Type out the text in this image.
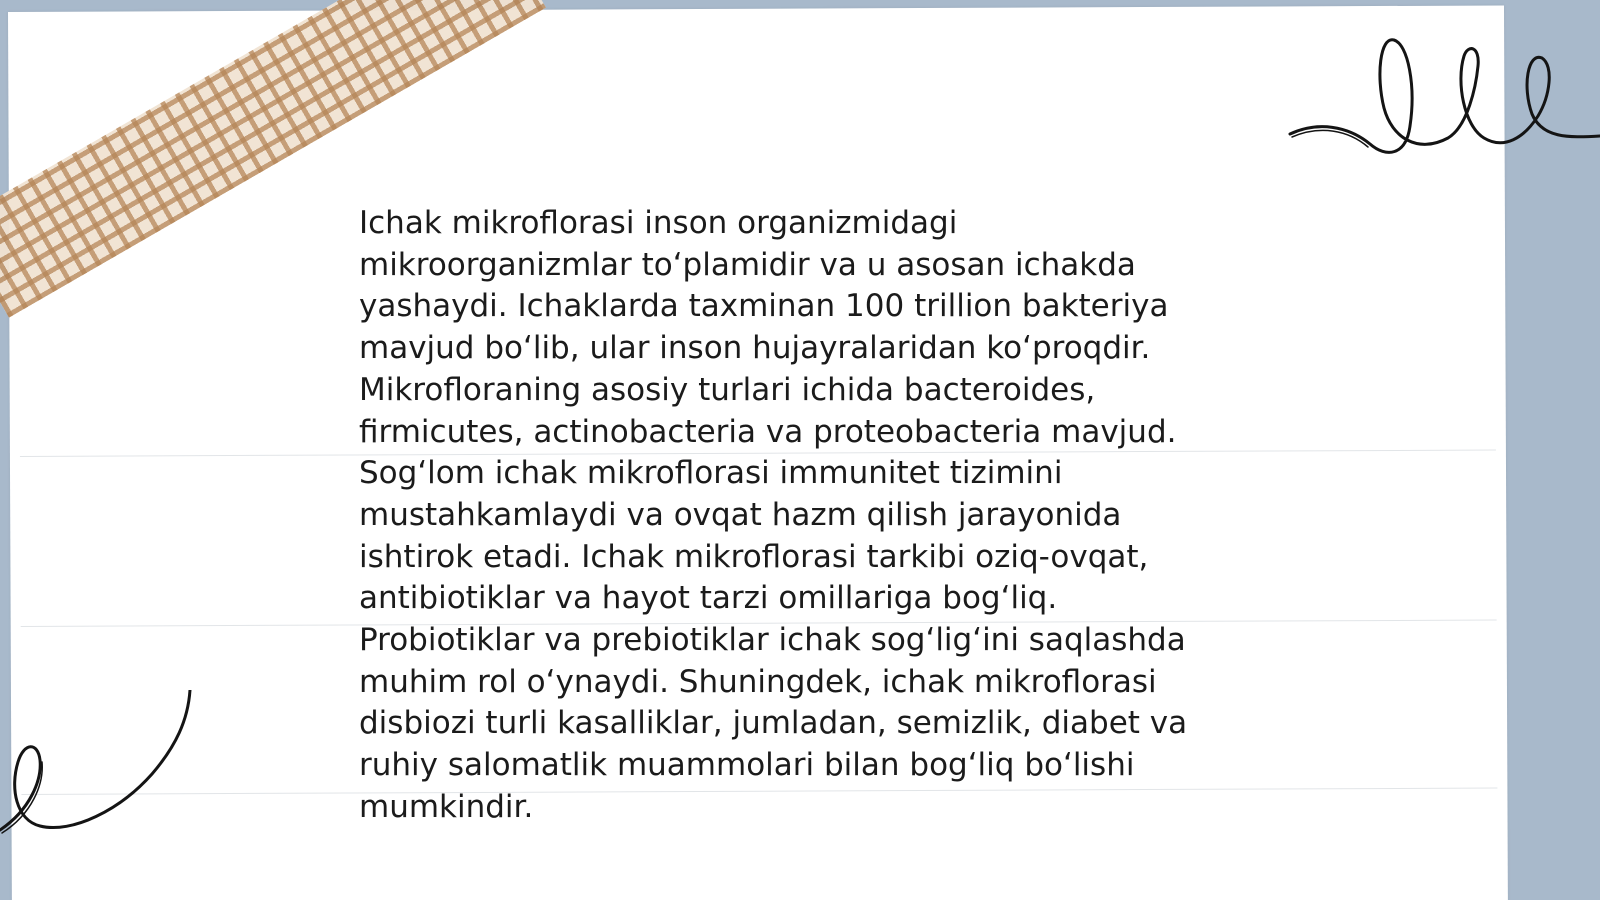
Ichak mikroflorasi inson organizmidagi
mikroorganizmlar to‘plamidir va u asosan ichakda
yashaydi. Ichaklarda taxminan 100 trillion bakteriya
mavjud bo‘lib, ular inson hujayralaridan ko‘proqdir.
Mikrofloraning asosiy turlari ichida bacteroides,
firmicutes, actinobacteria va proteobacteria mavjud.
Sog‘lom ichak mikroflorasi immunitet tizimini
mustahkamlaydi va ovqat hazm qilish jarayonida
ishtirok etadi. Ichak mikroflorasi tarkibi oziq-ovqat,
antibiotiklar va hayot tarzi omillariga bog‘liq.
Probiotiklar va prebiotiklar ichak sog‘lig‘ini saqlashda
muhim rol o‘ynaydi. Shuningdek, ichak mikroflorasi
disbiozi turli kasalliklar, jumladan, semizlik, diabet va
ruhiy salomatlik muammolari bilan bog‘liq bo‘lishi
mumkindir.
